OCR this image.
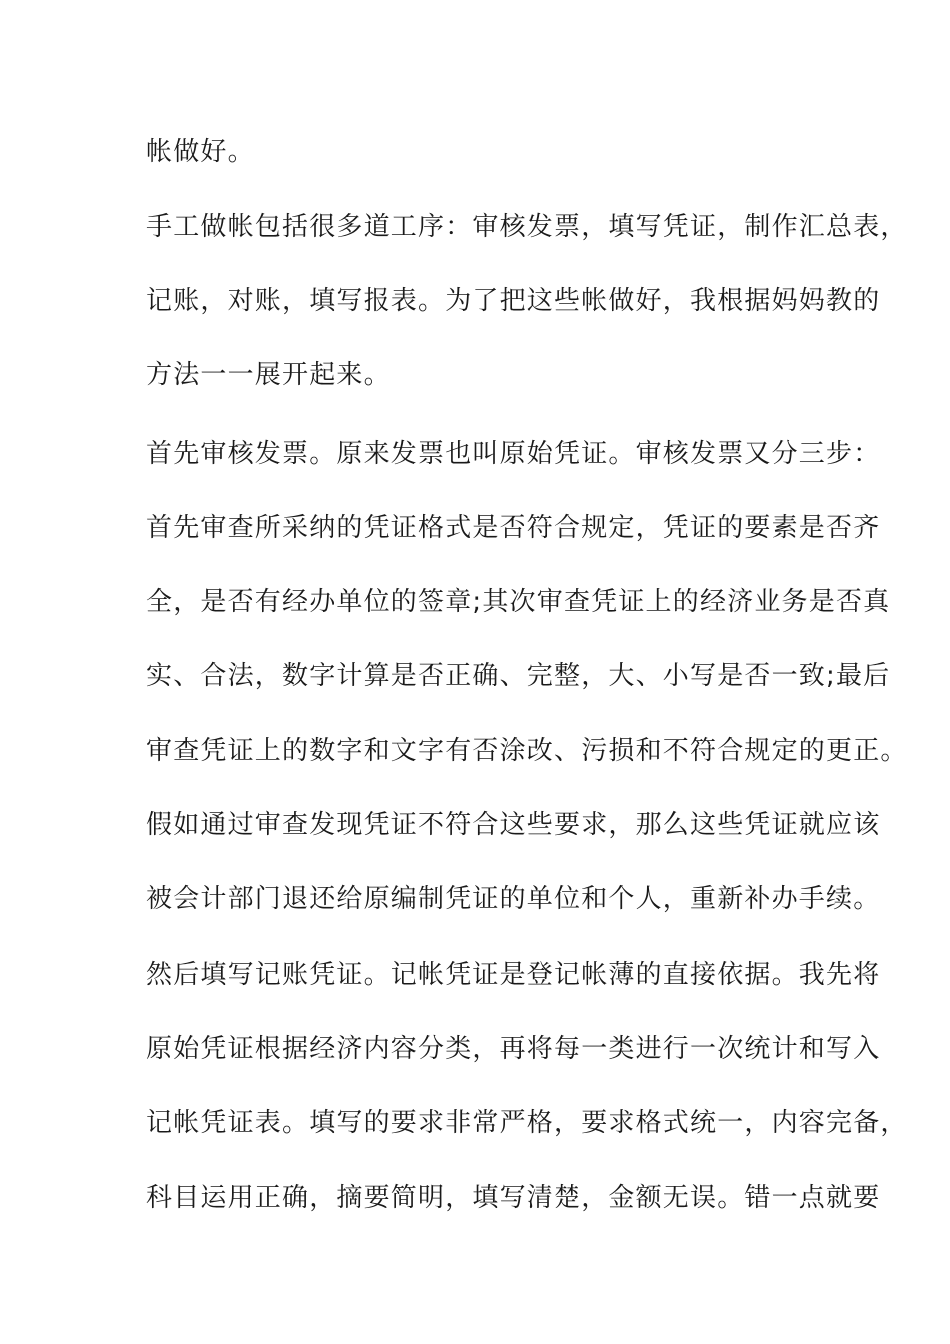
帐做好。
手工做帐包括很多道工序：审核发票，填写凭证，制作汇总表，
记账，对账，填写报表。为了把这些帐做好，我根据妈妈教的
方法一一展开起来。
首先审核发票。原来发票也叫原始凭证。审核发票又分三步：
首先审查所采纳的凭证格式是否符合规定，凭证的要素是否齐
全，是否有经办单位的签章;其次审查凭证上的经济业务是否真
实、合法，数字计算是否正确、完整，大、小写是否一致;最后
审查凭证上的数字和文字有否涂改、污损和不符合规定的更正。
假如通过审查发现凭证不符合这些要求，那么这些凭证就应该
被会计部门退还给原编制凭证的单位和个人，重新补办手续。
然后填写记账凭证。记帐凭证是登记帐薄的直接依据。我先将
原始凭证根据经济内容分类，再将每一类进行一次统计和写入
记帐凭证表。填写的要求非常严格，要求格式统一，内容完备，
科目运用正确，摘要简明，填写清楚，金额无误。错一点就要
